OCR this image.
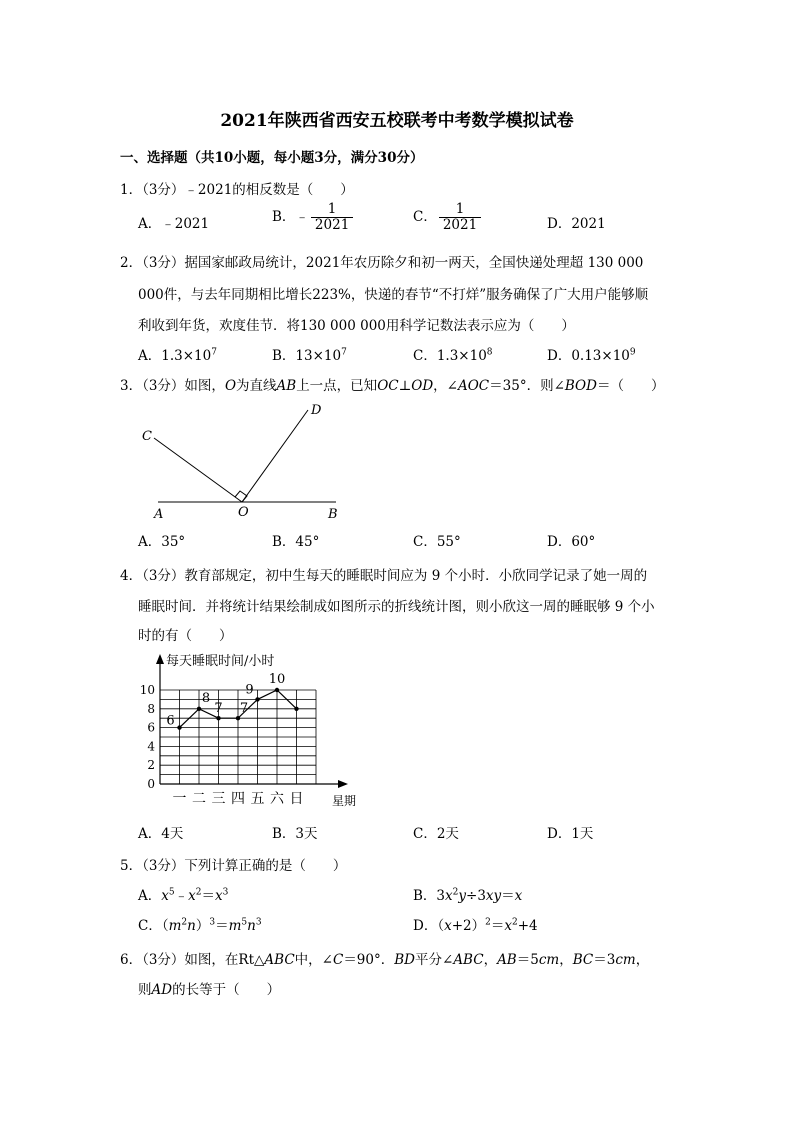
2021年陕西省西安五校联考中考数学模拟试卷
一、选择题（共10小题，每小题3分，满分30分）
1．（3分）﹣2021的相反数是（　　）
A．﹣2021	B．﹣ $\frac{1}{2021}$	C． $\frac{1}{2021}$	D．2021
2．（3分）据国家邮政局统计，2021年农历除夕和初一两天，全国快递处理超 130 000
000件，与去年同期相比增长223%，快递的春节“不打烊”服务确保了广大用户能够顺
利收到年货，欢度佳节．将130 000 000用科学记数法表示应为（　　）
A．$1.3\times 10^7$	B．$13\times 10^7$	C．$1.3\times 10^8$	D．$0.13\times 10^9$
3．（3分）如图，O为直线AB上一点，已知OC⊥OD，∠AOC＝35°．则∠BOD＝（　　）
C
D
A	O	B
A．35°	B．45°	C．55°	D．60°
4．（3分）教育部规定，初中生每天的睡眠时间应为 9 个小时．小欣同学记录了她一周的
睡眠时间．并将统计结果绘制成如图所示的折线统计图，则小欣这一周的睡眠够 9 个小
时的有（　　）
每天睡眠时间/小时
星期
0
2
4
6
8
10
一 二 三 四 五 六 日
6
8
7 7
9
10
A．4天	B．3天	C．2天	D．1天
5．（3分）下列计算正确的是（　　）
A．$x^5﹣x^2=x^3$	B．$3x^2y\div 3xy=x$
C．$(m^2n)^3=m^5n^3$	D．$(x+2)^2=x^2+4$
6．（3分）如图，在Rt△ABC中，∠C＝90°．BD平分∠ABC，AB＝5cm，BC＝3cm，
则AD的长等于（　　）
